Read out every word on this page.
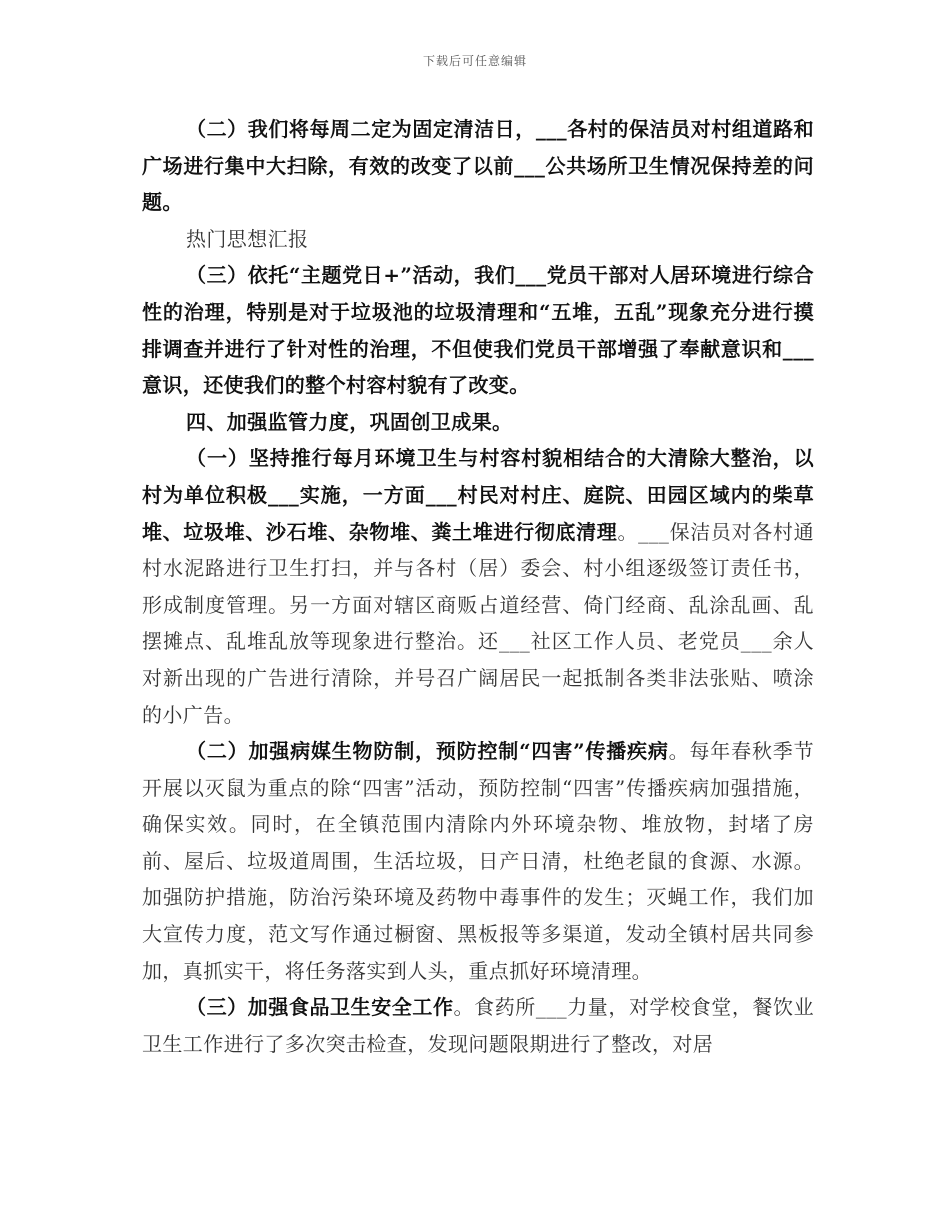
下载后可任意编辑

（二）我们将每周二定为固定清洁日，___各村的保洁员对村组道路和广场进行集中大扫除，有效的改变了以前___公共场所卫生情况保持差的问题。

热门思想汇报

（三）依托“主题党日+”活动，我们___党员干部对人居环境进行综合性的治理，特别是对于垃圾池的垃圾清理和“五堆，五乱”现象充分进行摸排调查并进行了针对性的治理，不但使我们党员干部增强了奉献意识和___意识，还使我们的整个村容村貌有了改变。

四、加强监管力度，巩固创卫成果。

（一）坚持推行每月环境卫生与村容村貌相结合的大清除大整治，以村为单位积极___实施，一方面___村民对村庄、庭院、田园区域内的柴草堆、垃圾堆、沙石堆、杂物堆、粪土堆进行彻底清理。___保洁员对各村通村水泥路进行卫生打扫，并与各村（居）委会、村小组逐级签订责任书，形成制度管理。另一方面对辖区商贩占道经营、倚门经商、乱涂乱画、乱摆摊点、乱堆乱放等现象进行整治。还___社区工作人员、老党员___余人对新出现的广告进行清除，并号召广阔居民一起抵制各类非法张贴、喷涂的小广告。

（二）加强病媒生物防制，预防控制“四害”传播疾病。每年春秋季节开展以灭鼠为重点的除“四害”活动，预防控制“四害”传播疾病加强措施，确保实效。同时，在全镇范围内清除内外环境杂物、堆放物，封堵了房前、屋后、垃圾道周围，生活垃圾，日产日清，杜绝老鼠的食源、水源。加强防护措施，防治污染环境及药物中毒事件的发生；灭蝇工作，我们加大宣传力度，范文写作通过橱窗、黑板报等多渠道，发动全镇村居共同参加，真抓实干，将任务落实到人头，重点抓好环境清理。

（三）加强食品卫生安全工作。食药所___力量，对学校食堂，餐饮业卫生工作进行了多次突击检查，发现问题限期进行了整改，对居
